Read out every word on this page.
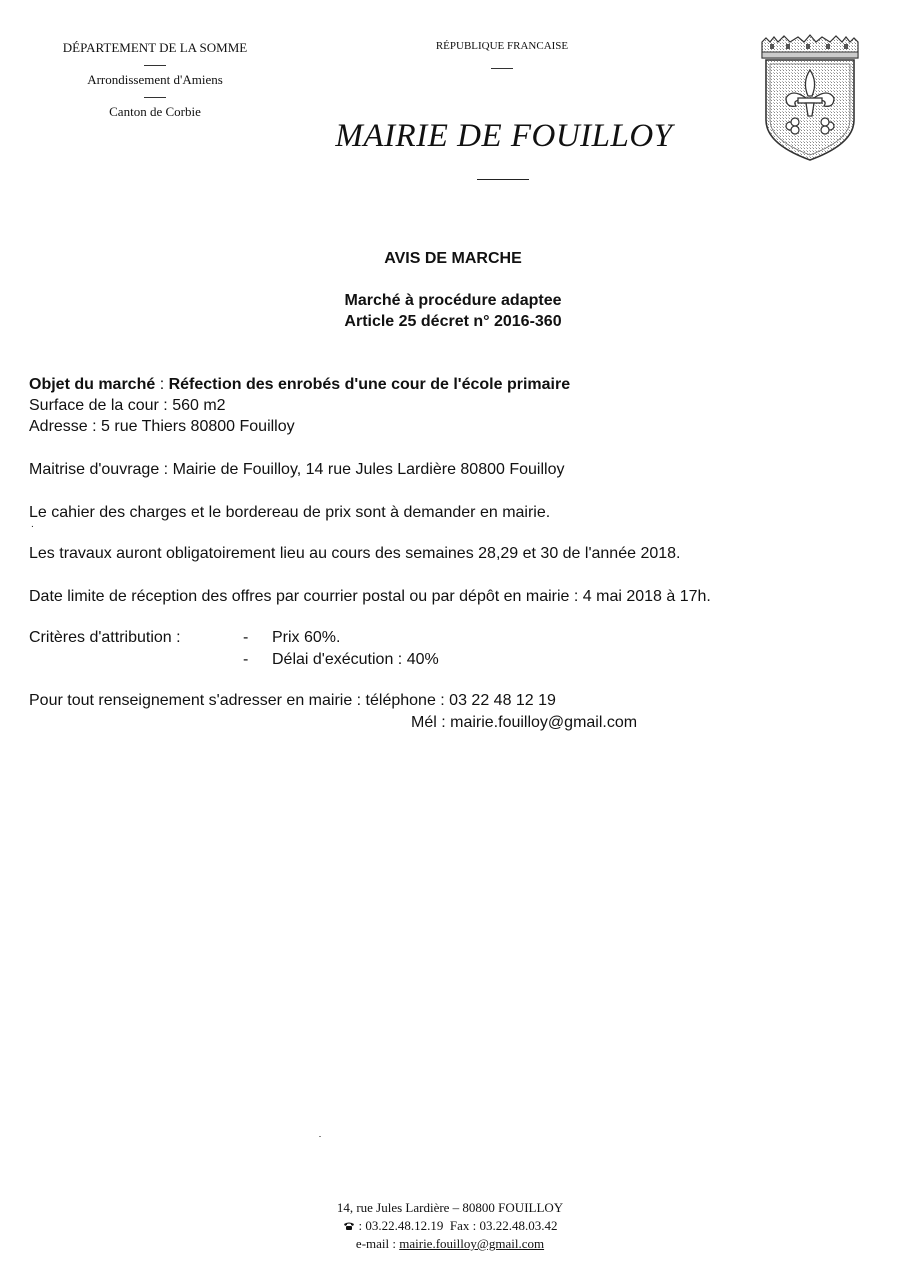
DÉPARTEMENT DE LA SOMME
Arrondissement d'Amiens
Canton de Corbie
RÉPUBLIQUE FRANCAISE
MAIRIE DE FOUILLOY
AVIS DE MARCHE
Marché à procédure adaptee
Article 25 décret n° 2016-360
Objet du marché : Réfection des enrobés d'une cour de l'école primaire
Surface de la cour : 560 m2
Adresse : 5 rue Thiers 80800 Fouilloy
Maitrise d'ouvrage : Mairie de Fouilloy, 14 rue Jules Lardière 80800 Fouilloy
Le cahier des charges et le bordereau de prix sont à demander en mairie.
.
Les travaux auront obligatoirement lieu au cours des semaines 28,29 et 30 de l'année 2018.
Date limite de réception des offres par courrier postal ou par dépôt en mairie : 4 mai 2018 à 17h.
Critères d'attribution :	- Prix 60%.
- Délai d'exécution : 40%
Pour tout renseignement s'adresser en mairie : téléphone : 03 22 48 12 19
Mél : mairie.fouilloy@gmail.com
14, rue Jules Lardière – 80800 FOUILLOY
: 03.22.48.12.19 Fax : 03.22.48.03.42
e-mail : mairie.fouilloy@gmail.com
